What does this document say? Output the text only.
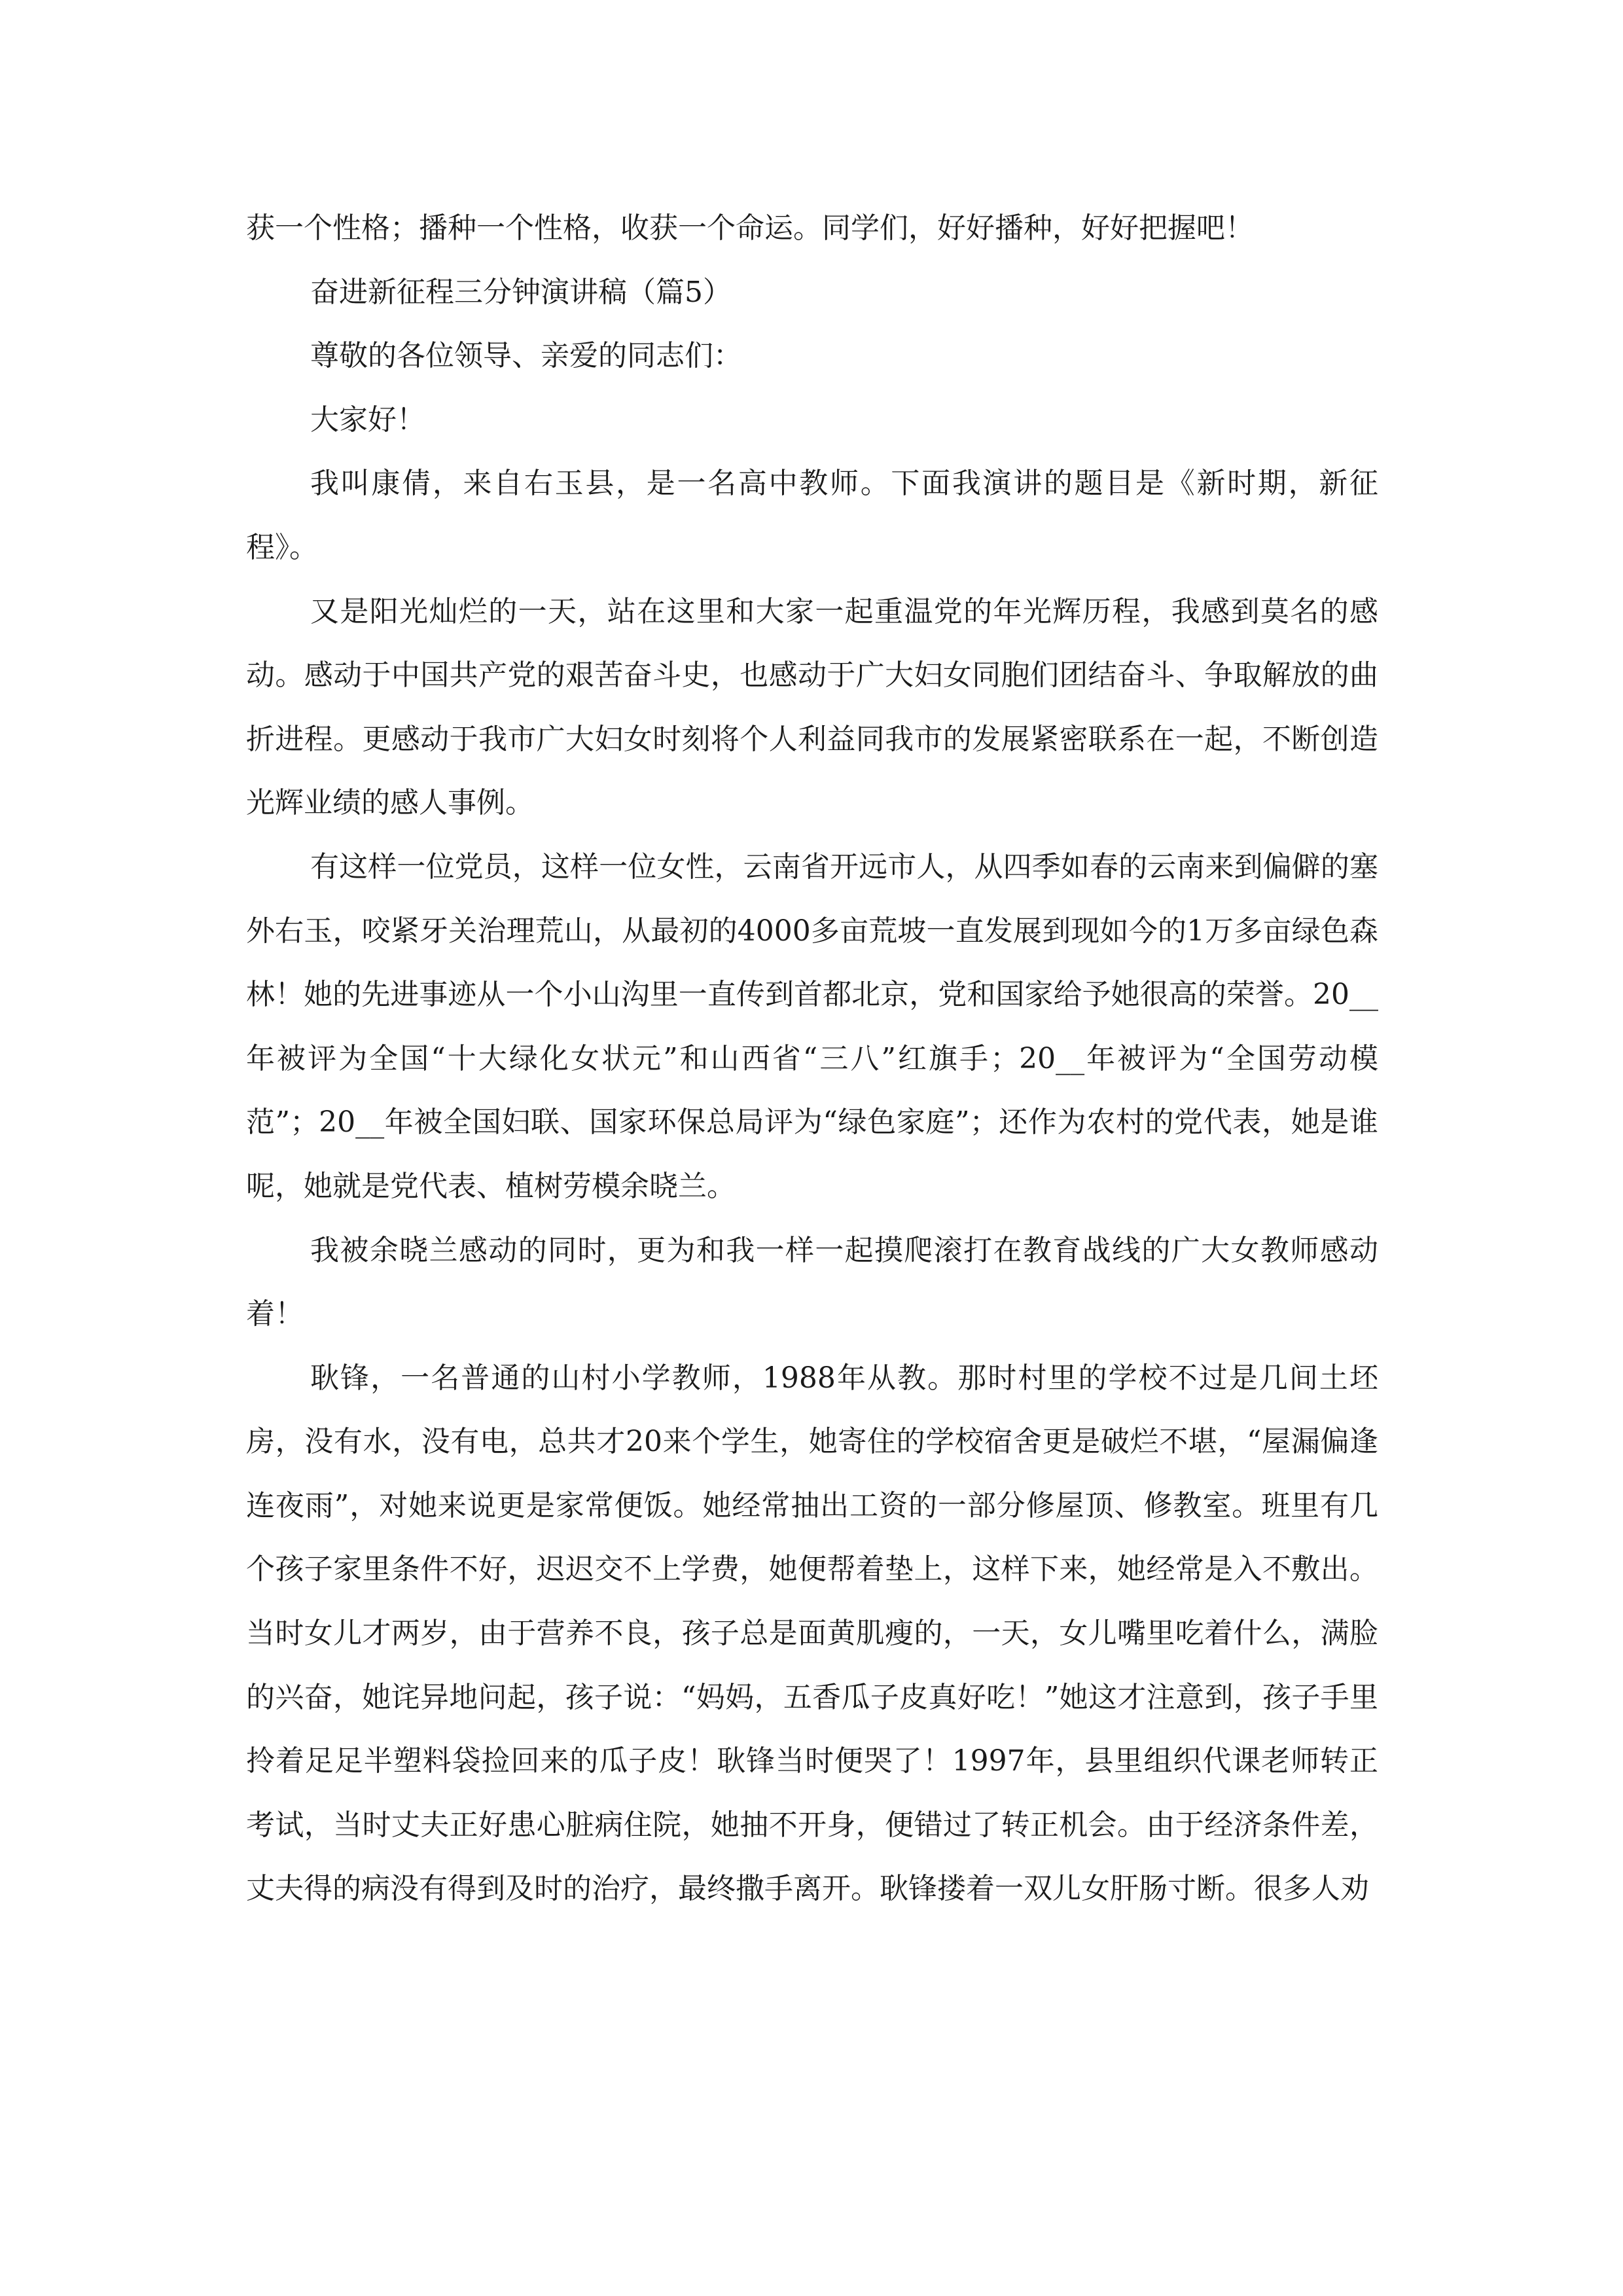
获一个性格；播种一个性格，收获一个命运。同学们，好好播种，好好把握吧！

奋进新征程三分钟演讲稿（篇5）

尊敬的各位领导、亲爱的同志们：

大家好！

我叫康倩，来自右玉县，是一名高中教师。下面我演讲的题目是《新时期，新征程》。

又是阳光灿烂的一天，站在这里和大家一起重温党的年光辉历程，我感到莫名的感动。感动于中国共产党的艰苦奋斗史，也感动于广大妇女同胞们团结奋斗、争取解放的曲折进程。更感动于我市广大妇女时刻将个人利益同我市的发展紧密联系在一起，不断创造光辉业绩的感人事例。

有这样一位党员，这样一位女性，云南省开远市人，从四季如春的云南来到偏僻的塞外右玉，咬紧牙关治理荒山，从最初的4000多亩荒坡一直发展到现如今的1万多亩绿色森林！她的先进事迹从一个小山沟里一直传到首都北京，党和国家给予她很高的荣誉。20__年被评为全国“十大绿化女状元”和山西省“三八”红旗手；20__年被评为“全国劳动模范”；20__年被全国妇联、国家环保总局评为“绿色家庭”；还作为农村的党代表，她是谁呢，她就是党代表、植树劳模余晓兰。

我被余晓兰感动的同时，更为和我一样一起摸爬滚打在教育战线的广大女教师感动着！

耿锋，一名普通的山村小学教师，1988年从教。那时村里的学校不过是几间土坯房，没有水，没有电，总共才20来个学生，她寄住的学校宿舍更是破烂不堪，“屋漏偏逢连夜雨”，对她来说更是家常便饭。她经常抽出工资的一部分修屋顶、修教室。班里有几个孩子家里条件不好，迟迟交不上学费，她便帮着垫上，这样下来，她经常是入不敷出。当时女儿才两岁，由于营养不良，孩子总是面黄肌瘦的，一天，女儿嘴里吃着什么，满脸的兴奋，她诧异地问起，孩子说：“妈妈，五香瓜子皮真好吃！”她这才注意到，孩子手里拎着足足半塑料袋捡回来的瓜子皮！耿锋当时便哭了！1997年，县里组织代课老师转正考试，当时丈夫正好患心脏病住院，她抽不开身，便错过了转正机会。由于经济条件差，丈夫得的病没有得到及时的治疗，最终撒手离开。耿锋搂着一双儿女肝肠寸断。很多人劝
